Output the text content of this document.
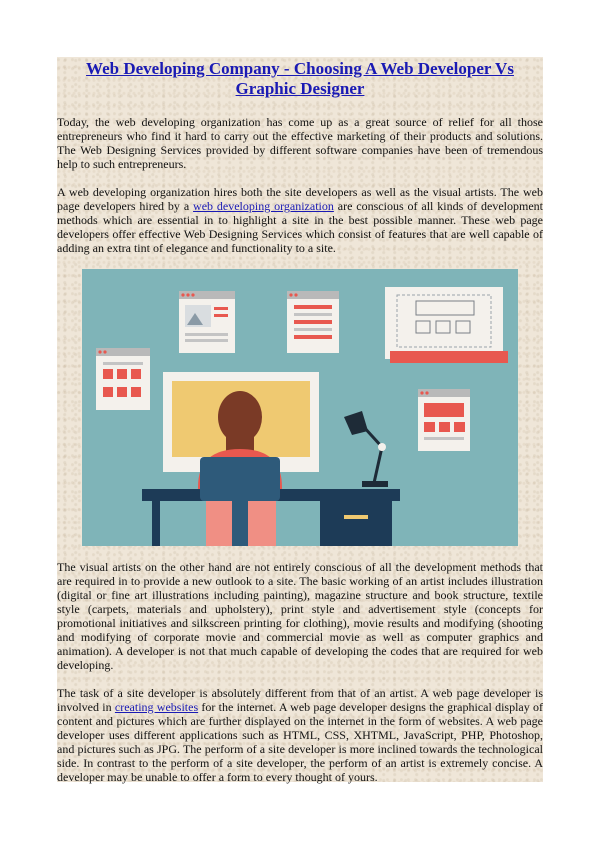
Web Developing Company - Choosing A Web Developer Vs Graphic Designer

Today, the web developing organization has come up as a great source of relief for all those entrepreneurs who find it hard to carry out the effective marketing of their products and solutions. The Web Designing Services provided by different software companies have been of tremendous help to such entrepreneurs.

A web developing organization hires both the site developers as well as the visual artists. The web page developers hired by a web developing organization are conscious of all kinds of development methods which are essential in to highlight a site in the best possible manner. These web page developers offer effective Web Designing Services which consist of features that are well capable of adding an extra tint of elegance and functionality to a site.

The visual artists on the other hand are not entirely conscious of all the development methods that are required in to provide a new outlook to a site. The basic working of an artist includes illustration (digital or fine art illustrations including painting), magazine structure and book structure, textile style (carpets, materials and upholstery), print style and advertisement style (concepts for promotional initiatives and silkscreen printing for clothing), movie results and modifying (shooting and modifying of corporate movie and commercial movie as well as computer graphics and animation). A developer is not that much capable of developing the codes that are required for web developing.

The task of a site developer is absolutely different from that of an artist. A web page developer is involved in creating websites for the internet. A web page developer designs the graphical display of content and pictures which are further displayed on the internet in the form of websites. A web page developer uses different applications such as HTML, CSS, XHTML, JavaScript, PHP, Photoshop, and pictures such as JPG. The perform of a site developer is more inclined towards the technological side. In contrast to the perform of a site developer, the perform of an artist is extremely concise. A developer may be unable to offer a form to every thought of yours.
